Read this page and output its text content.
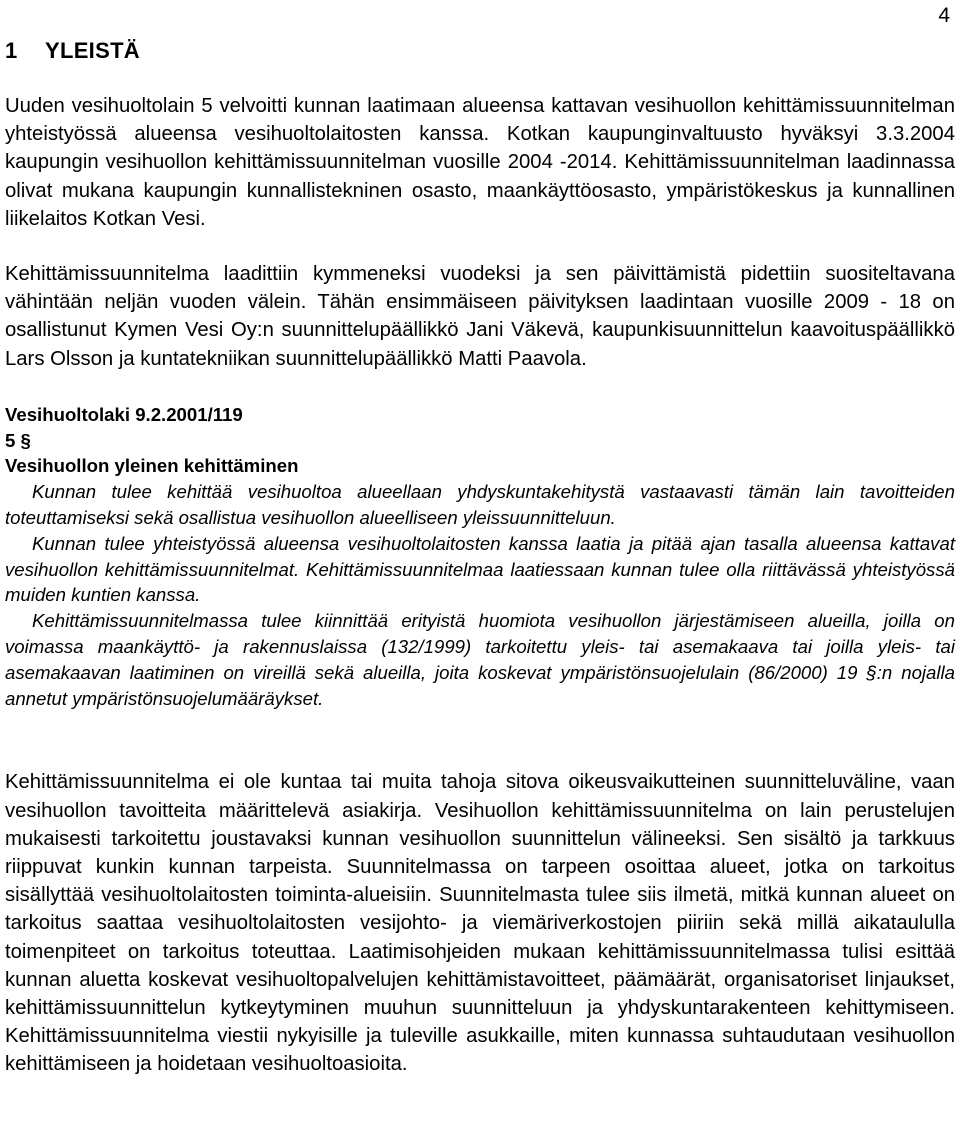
4
1 YLEISTÄ

Uuden vesihuoltolain 5 velvoitti kunnan laatimaan alueensa kattavan vesihuollon kehittämissuunnitelman yhteistyössä alueensa vesihuoltolaitosten kanssa. Kotkan kaupunginvaltuusto hyväksyi 3.3.2004 kaupungin vesihuollon kehittämissuunnitelman vuosille 2004 -2014. Kehittämissuunnitelman laadinnassa olivat mukana kaupungin kunnallistekninen osasto, maankäyttöosasto, ympäristökeskus ja kunnallinen liikelaitos Kotkan Vesi.

Kehittämissuunnitelma laadittiin kymmeneksi vuodeksi ja sen päivittämistä pidettiin suositeltavana vähintään neljän vuoden välein. Tähän ensimmäiseen päivityksen laadintaan vuosille 2009 - 18 on osallistunut Kymen Vesi Oy:n suunnittelupäällikkö Jani Väkevä, kaupunkisuunnittelun kaavoituspäällikkö Lars Olsson ja kuntatekniikan suunnittelupäällikkö Matti Paavola.

Vesihuoltolaki 9.2.2001/119

5 §

Vesihuollon yleinen kehittäminen

Kunnan tulee kehittää vesihuoltoa alueellaan yhdyskuntakehitystä vastaavasti tämän lain tavoitteiden toteuttamiseksi sekä osallistua vesihuollon alueelliseen yleissuunnitteluun.

Kunnan tulee yhteistyössä alueensa vesihuoltolaitosten kanssa laatia ja pitää ajan tasalla alueensa kattavat vesihuollon kehittämissuunnitelmat. Kehittämissuunnitelmaa laatiessaan kunnan tulee olla riittävässä yhteistyössä muiden kuntien kanssa.

Kehittämissuunnitelmassa tulee kiinnittää erityistä huomiota vesihuollon järjestämiseen alueilla, joilla on voimassa maankäyttö- ja rakennuslaissa (132/1999) tarkoitettu yleis- tai asemakaava tai joilla yleis- tai asemakaavan laatiminen on vireillä sekä alueilla, joita koskevat ympäristönsuojelulain (86/2000) 19 §:n nojalla annetut ympäristönsuojelumääräykset.

Kehittämissuunnitelma ei ole kuntaa tai muita tahoja sitova oikeusvaikutteinen suunnitteluväline, vaan vesihuollon tavoitteita määrittelevä asiakirja. Vesihuollon kehittämissuunnitelma on lain perustelujen mukaisesti tarkoitettu joustavaksi kunnan vesihuollon suunnittelun välineeksi. Sen sisältö ja tarkkuus riippuvat kunkin kunnan tarpeista. Suunnitelmassa on tarpeen osoittaa alueet, jotka on tarkoitus sisällyttää vesihuoltolaitosten toiminta-alueisiin. Suunnitelmasta tulee siis ilmetä, mitkä kunnan alueet on tarkoitus saattaa vesihuoltolaitosten vesijohto- ja viemäriverkostojen piiriin sekä millä aikataululla toimenpiteet on tarkoitus toteuttaa. Laatimisohjeiden mukaan kehittämissuunnitelmassa tulisi esittää kunnan aluetta koskevat vesihuoltopalvelujen kehittämistavoitteet, päämäärät, organisatoriset linjaukset, kehittämissuunnittelun kytkeytyminen muuhun suunnitteluun ja yhdyskuntarakenteen kehittymiseen. Kehittämissuunnitelma viestii nykyisille ja tuleville asukkaille, miten kunnassa suhtaudutaan vesihuollon kehittämiseen ja hoidetaan vesihuoltoasioita.
